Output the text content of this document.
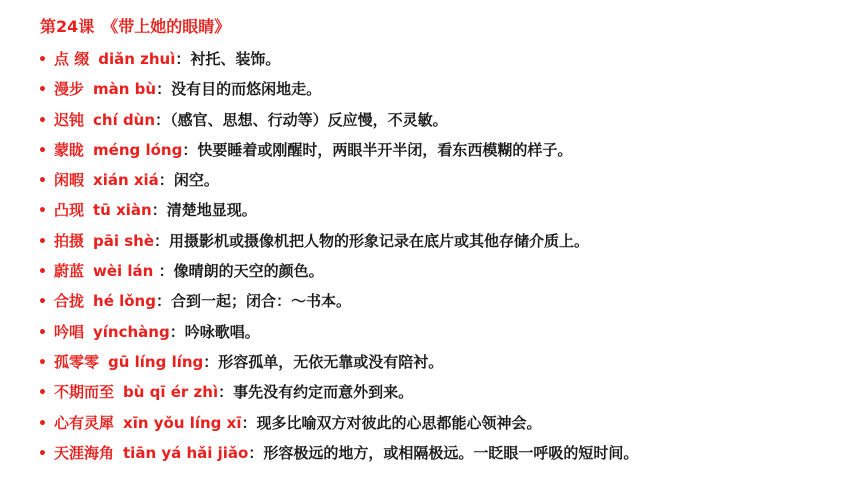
第24课 《带上她的眼睛》
• 点 缀 diǎn zhuì：衬托、装饰。
• 漫步 màn bù：没有目的而悠闲地走。
• 迟钝 chí dùn：（感官、思想、行动等）反应慢，不灵敏。
• 蒙眬 méng lóng：快要睡着或刚醒时，两眼半开半闭，看东西模糊的样子。
• 闲暇 xián xiá：闲空。
• 凸现 tū xiàn：清楚地显现。
• 拍摄 pāi shè：用摄影机或摄像机把人物的形象记录在底片或其他存储介质上。
• 蔚蓝 wèi lán ：像晴朗的天空的颜色。
• 合拢 hé lǒng：合到一起；闭合：～书本。
• 吟唱 yínchàng：吟咏歌唱。
• 孤零零 gū líng líng：形容孤单，无依无靠或没有陪衬。
• 不期而至 bù qī ér zhì：事先没有约定而意外到来。
• 心有灵犀 xīn yǒu líng xī：现多比喻双方对彼此的心思都能心领神会。
• 天涯海角 tiān yá hǎi jiǎo：形容极远的地方，或相隔极远。一眨眼一呼吸的短时间。
